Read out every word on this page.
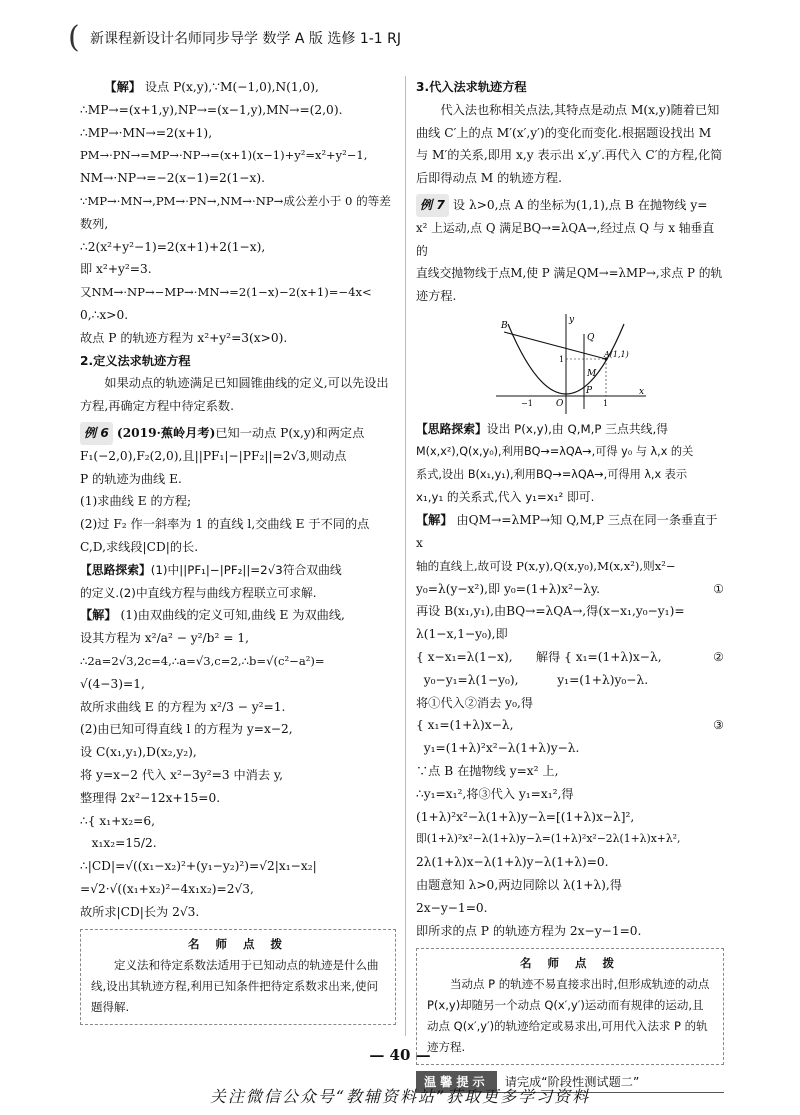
( 新课程新设计名师同步导学 数学 A 版 选修 1-1 RJ

【解】 设点 P(x,y),∵M(−1,0),N(1,0),

∴MP→=(x+1,y),NP→=(x−1,y),MN→=(2,0).

∴MP→·MN→=2(x+1),

PM→·PN→=MP→·NP→=(x+1)(x−1)+y²=x²+y²−1,

NM→·NP→=−2(x−1)=2(1−x).

∵MP→·MN→,PM→·PN→,NM→·NP→成公差小于 0 的等差

数列,

∴2(x²+y²−1)=2(x+1)+2(1−x),

即 x²+y²=3.

又NM→·NP→−MP→·MN→=2(1−x)−2(x+1)=−4x<

0,∴x>0.

故点 P 的轨迹方程为 x²+y²=3(x>0).

2.定义法求轨迹方程

如果动点的轨迹满足已知圆锥曲线的定义,可以先设出方程,再确定方程中待定系数.

例 6 (2019·蕉岭月考)已知一动点 P(x,y)和两定点

F₁(−2,0),F₂(2,0),且||PF₁|−|PF₂||=2√3,则动点

P 的轨迹为曲线 E.

(1)求曲线 E 的方程;

(2)过 F₂ 作一斜率为 1 的直线 l,交曲线 E 于不同的点

C,D,求线段|CD|的长.

【思路探索】(1)中||PF₁|−|PF₂||=2√3符合双曲线

的定义.(2)中直线方程与曲线方程联立可求解.

【解】 (1)由双曲线的定义可知,曲线 E 为双曲线,

设其方程为 x²/a² − y²/b² = 1,

∴2a=2√3,2c=4,∴a=√3,c=2,∴b=√(c²−a²)=

√(4−3)=1,

故所求曲线 E 的方程为 x²/3 − y²=1.

(2)由已知可得直线 l 的方程为 y=x−2,

设 C(x₁,y₁),D(x₂,y₂),

将 y=x−2 代入 x²−3y²=3 中消去 y,

整理得 2x²−12x+15=0.

∴{ x₁+x₂=6,

x₁x₂=15/2.

∴|CD|=√((x₁−x₂)²+(y₁−y₂)²)=√2|x₁−x₂|

=√2·√((x₁+x₂)²−4x₁x₂)=2√3,

故所求|CD|长为 2√3.

名 师 点 拨
定义法和待定系数法适用于已知动点的轨迹是什么曲线,设出其轨迹方程,利用已知条件把待定系数求出来,使问题得解.

3.代入法求轨迹方程

代入法也称相关点法,其特点是动点 M(x,y)随着已知曲线 C′上的点 M′(x′,y′)的变化而变化.根据题设找出 M 与 M′的关系,即用 x,y 表示出 x′,y′.再代入 C′的方程,化简后即得动点 M 的轨迹方程.

例 7 设 λ>0,点 A 的坐标为(1,1),点 B 在抛物线 y=

x² 上运动,点 Q 满足BQ→=λQA→,经过点 Q 与 x 轴垂直的

直线交抛物线于点M,使 P 满足QM→=λMP→,求点 P 的轨

迹方程.

B
Q
A(1,1)
M
P
O
y
x
−1	1
1

【思路探索】设出 P(x,y),由 Q,M,P 三点共线,得

M(x,x²),Q(x,y₀),利用BQ→=λQA→,可得 y₀ 与 λ,x 的关

系式,设出 B(x₁,y₁),利用BQ→=λQA→,可得用 λ,x 表示

x₁,y₁ 的关系式,代入 y₁=x₁² 即可.

【解】 由QM→=λMP→知 Q,M,P 三点在同一条垂直于 x

轴的直线上,故可设 P(x,y),Q(x,y₀),M(x,x²),则x²−

y₀=λ(y−x²),即 y₀=(1+λ)x²−λy.	①

再设 B(x₁,y₁),由BQ→=λQA→,得(x−x₁,y₀−y₁)=

λ(1−x,1−y₀),即

{ x−x₁=λ(1−x),      解得 { x₁=(1+λ)x−λ,	②

y₀−y₁=λ(1−y₀),          y₁=(1+λ)y₀−λ.

将①代入②消去 y₀,得

{ x₁=(1+λ)x−λ,	③

y₁=(1+λ)²x²−λ(1+λ)y−λ.

∵点 B 在抛物线 y=x² 上,

∴y₁=x₁²,将③代入 y₁=x₁²,得

(1+λ)²x²−λ(1+λ)y−λ=[(1+λ)x−λ]²,

即(1+λ)²x²−λ(1+λ)y−λ=(1+λ)²x²−2λ(1+λ)x+λ²,

2λ(1+λ)x−λ(1+λ)y−λ(1+λ)=0.

由题意知 λ>0,两边同除以 λ(1+λ),得

2x−y−1=0.

即所求的点 P 的轨迹方程为 2x−y−1=0.

名 师 点 拨
当动点 P 的轨迹不易直接求出时,但形成轨迹的动点 P(x,y)却随另一个动点 Q(x′,y′)运动而有规律的运动,且动点 Q(x′,y′)的轨迹给定或易求出,可用代入法求 P 的轨迹方程.
温馨提示	请完成“阶段性测试题二”
— 40 —
关注微信公众号“教辅资料站”获取更多学习资料
